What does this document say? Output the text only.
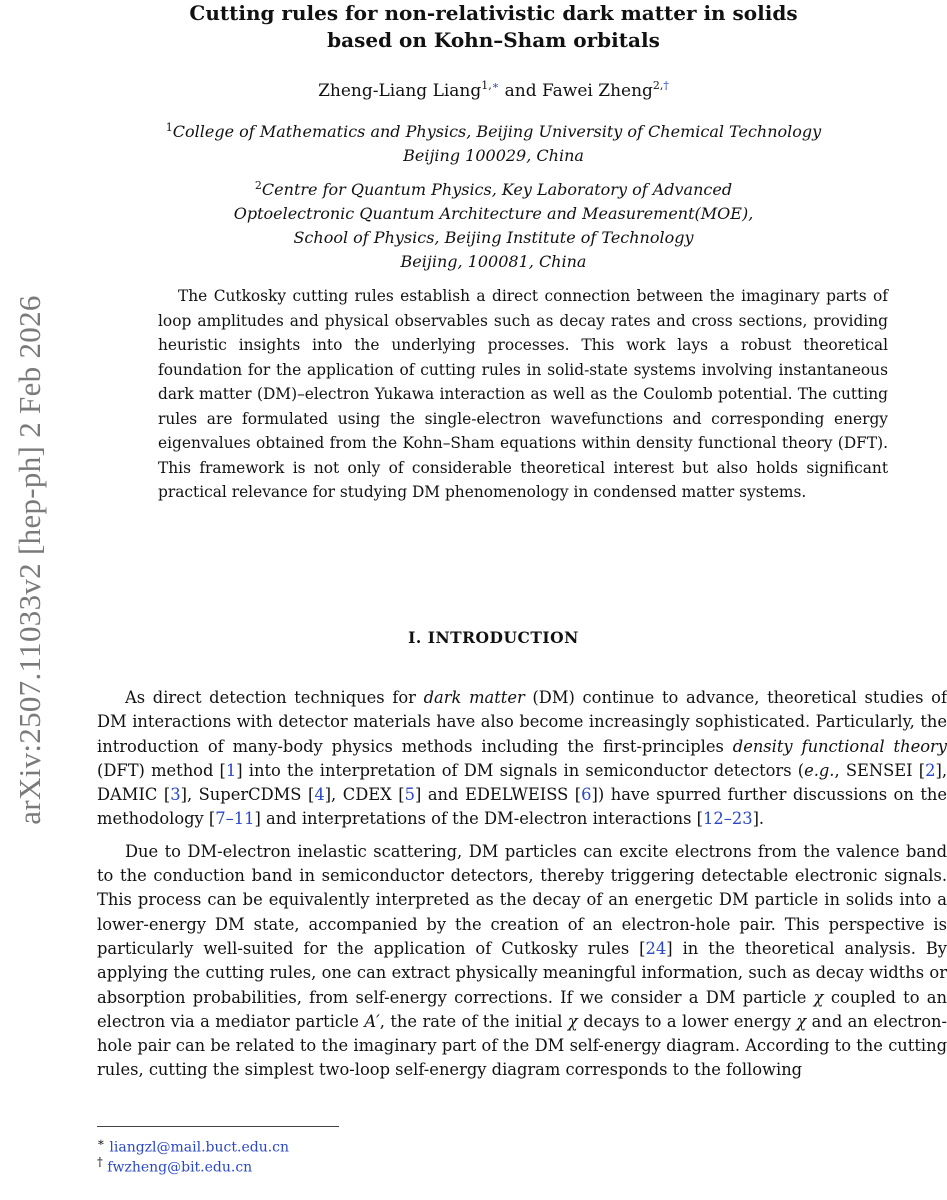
arXiv:2507.11033v2 [hep-ph] 2 Feb 2026
Cutting rules for non-relativistic dark matter in solids
based on Kohn–Sham orbitals
Zheng-Liang Liang$^{1,∗}$ and Fawei Zheng$^{2,\dagger}$
$^1$College of Mathematics and Physics, Beijing University of Chemical Technology
Beijing 100029, China
$^2$Centre for Quantum Physics, Key Laboratory of Advanced
Optoelectronic Quantum Architecture and Measurement(MOE),
School of Physics, Beijing Institute of Technology
Beijing, 100081, China
The Cutkosky cutting rules establish a direct connection between the imaginary parts of loop amplitudes and physical observables such as decay rates and cross sections, providing heuristic insights into the underlying processes. This work lays a robust theoretical foundation for the application of cutting rules in solid-state systems involving instantaneous dark matter (DM)–electron Yukawa interaction as well as the Coulomb potential. The cutting rules are formulated using the single-electron wavefunctions and corresponding energy eigenvalues obtained from the Kohn–Sham equations within density functional theory (DFT). This framework is not only of considerable theoretical interest but also holds significant practical relevance for studying DM phenomenology in condensed matter systems.
I. INTRODUCTION

As direct detection techniques for dark matter (DM) continue to advance, theoretical studies of DM interactions with detector materials have also become increasingly sophisticated. Particularly, the introduction of many-body physics methods including the first-principles density functional theory (DFT) method [1] into the interpretation of DM signals in semiconductor detectors (e.g., SENSEI [2], DAMIC [3], SuperCDMS [4], CDEX [5] and EDELWEISS [6]) have spurred further discussions on the methodology [7–11] and interpretations of the DM-electron interactions [12–23].

Due to DM-electron inelastic scattering, DM particles can excite electrons from the valence band to the conduction band in semiconductor detectors, thereby triggering detectable electronic signals. This process can be equivalently interpreted as the decay of an energetic DM particle in solids into a lower-energy DM state, accompanied by the creation of an electron-hole pair. This perspective is particularly well-suited for the application of Cutkosky rules [24] in the theoretical analysis. By applying the cutting rules, one can extract physically meaningful information, such as decay widths or absorption probabilities, from self-energy corrections. If we consider a DM particle χ coupled to an electron via a mediator particle A′, the rate of the initial χ decays to a lower energy χ and an electron-hole pair can be related to the imaginary part of the DM self-energy diagram. According to the cutting rules, cutting the simplest two-loop self-energy diagram corresponds to the following

∗ liangzl@mail.buct.edu.cn
† fwzheng@bit.edu.cn
